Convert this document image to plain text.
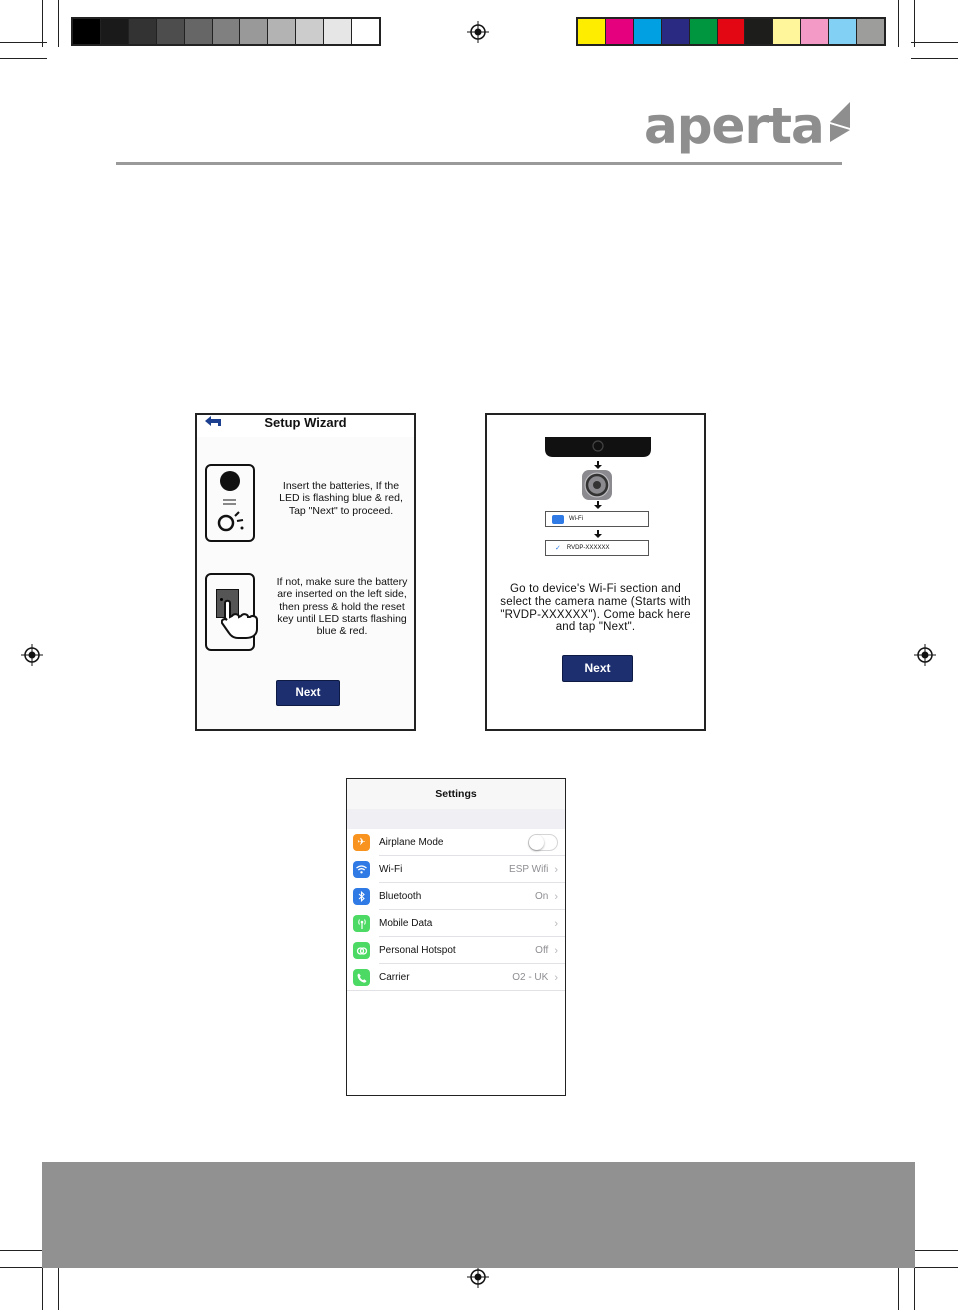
aperta
Setup Wizard
Insert the batteries, If the LED is flashing blue & red, Tap "Next" to proceed.
If not, make sure the battery are inserted on the left side, then press & hold the reset key until LED starts flashing blue & red.
Next
Wi-Fi
✓ RVDP-XXXXXX
Go to device's Wi-Fi section and select the camera name (Starts with "RVDP-XXXXXX"). Come back here and tap "Next".
Next
Settings
✈	Airplane Mode
Wi-Fi	ESP Wifi ›
Bluetooth	On ›
Mobile Data	›
Personal Hotspot	Off ›
Carrier	O2 - UK ›
